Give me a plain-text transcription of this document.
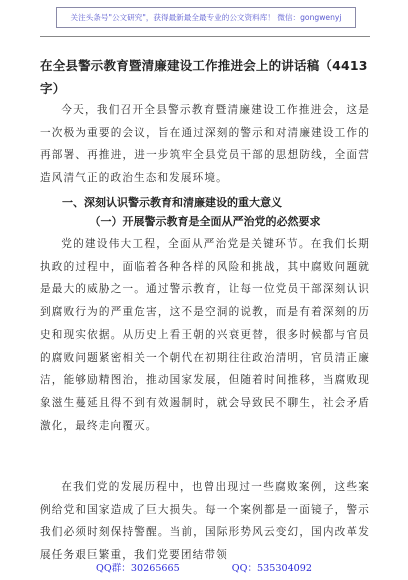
关注头条号"公文研究"，获得最新最全最专业的公文资料库！ 微信：gongwenyj
在全县警示教育暨清廉建设工作推进会上的讲话稿（4413字）
今天，我们召开全县警示教育暨清廉建设工作推进会，这是一次极为重要的会议，旨在通过深刻的警示和对清廉建设工作的再部署、再推进，进一步筑牢全县党员干部的思想防线，全面营造风清气正的政治生态和发展环境。
一、深刻认识警示教育和清廉建设的重大意义
（一）开展警示教育是全面从严治党的必然要求
党的建设伟大工程，全面从严治党是关键环节。在我们长期执政的过程中，面临着各种各样的风险和挑战，其中腐败问题就是最大的威胁之一。通过警示教育，让每一位党员干部深刻认识到腐败行为的严重危害，这不是空洞的说教，而是有着深刻的历史和现实依据。从历史上看王朝的兴衰更替，很多时候都与官员的腐败问题紧密相关一个朝代在初期往往政治清明，官员清正廉洁，能够励精图治，推动国家发展，但随着时间推移，当腐败现象滋生蔓延且得不到有效遏制时，就会导致民不聊生，社会矛盾激化，最终走向覆灭。
在我们党的发展历程中，也曾出现过一些腐败案例，这些案例给党和国家造成了巨大损失。每一个案例都是一面镜子，警示我们必须时刻保持警醒。当前，国际形势风云变幻，国内改革发展任务艰巨繁重，我们党要团结带领
QQ群：30265665	QQ：535304092
